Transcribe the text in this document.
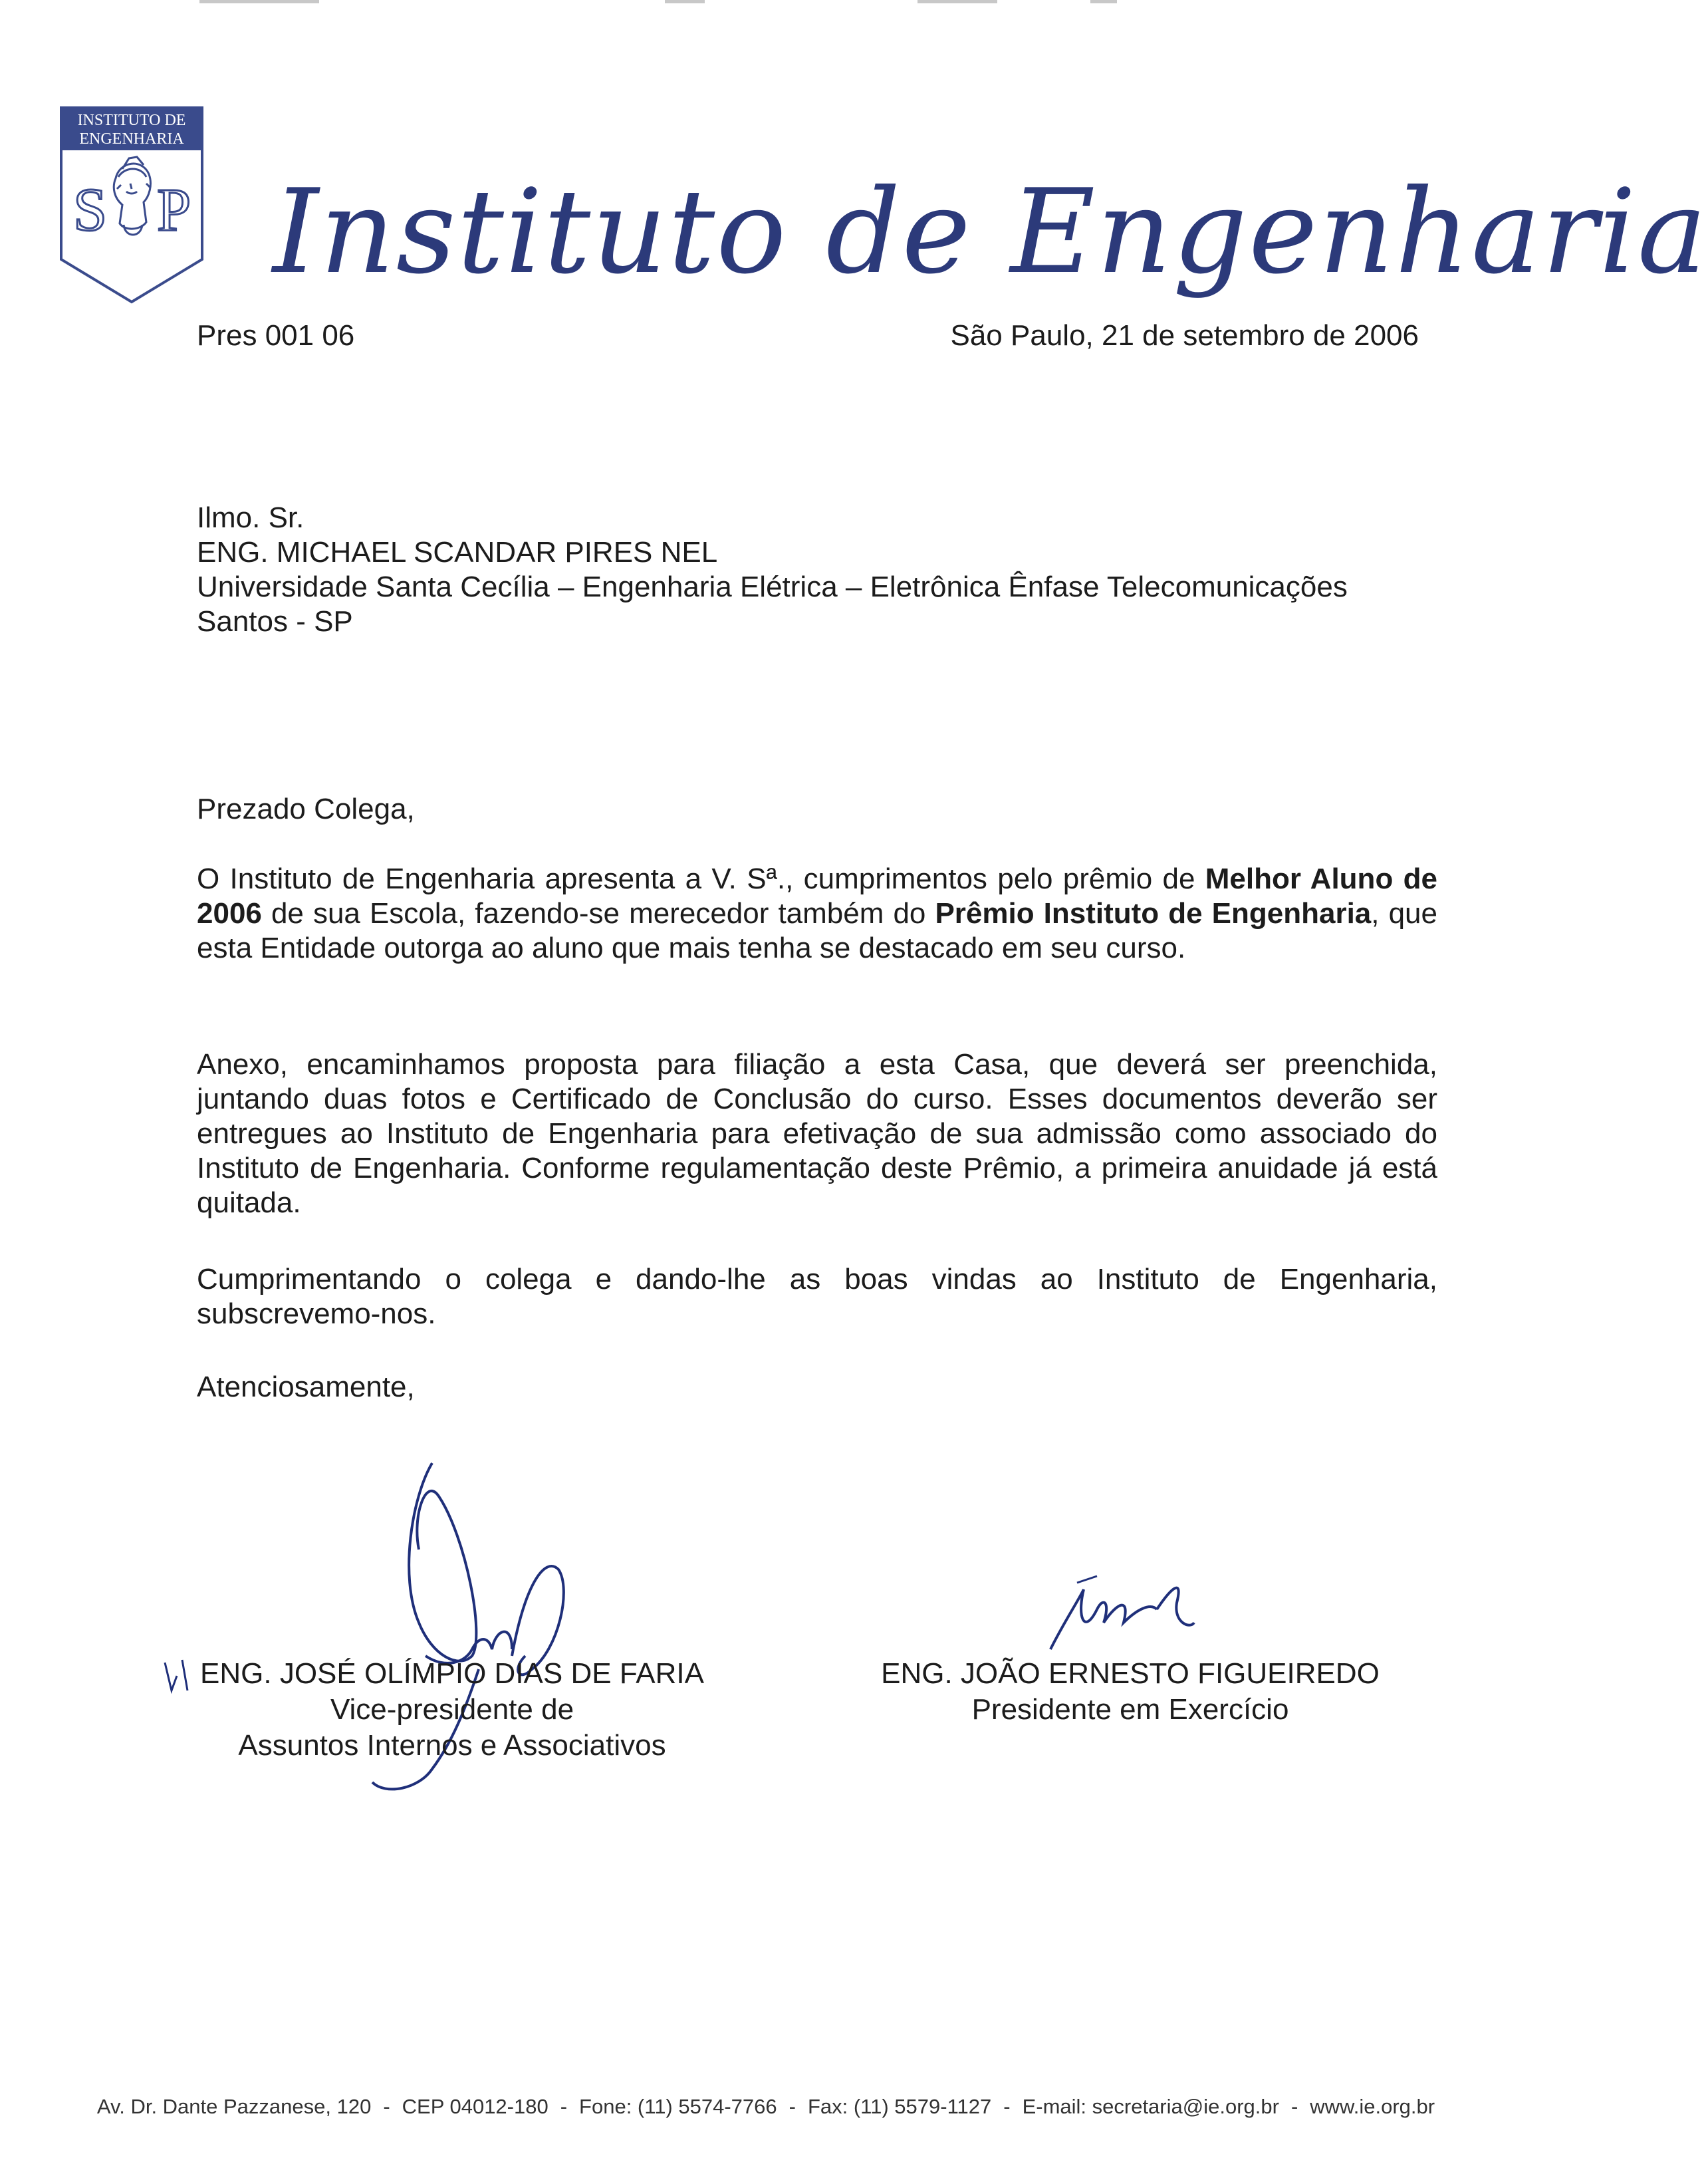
INSTITUTO DE
ENGENHARIA
S P Instituto de Engenharia
Pres 001 06	São Paulo, 21 de setembro de 2006
Ilmo. Sr.
ENG. MICHAEL SCANDAR PIRES NEL
Universidade Santa Cecília – Engenharia Elétrica – Eletrônica Ênfase Telecomunicações
Santos - SP
Prezado Colega,
O Instituto de Engenharia apresenta a V. Sª., cumprimentos pelo prêmio de Melhor Aluno de 2006 de sua Escola, fazendo-se merecedor também do Prêmio Instituto de Engenharia, que esta Entidade outorga ao aluno que mais tenha se destacado em seu curso.
Anexo, encaminhamos proposta para filiação a esta Casa, que deverá ser preenchida, juntando duas fotos e Certificado de Conclusão do curso. Esses documentos deverão ser entregues ao Instituto de Engenharia para efetivação de sua admissão como associado do Instituto de Engenharia. Conforme regulamentação deste Prêmio, a primeira anuidade já está quitada.
Cumprimentando o colega e dando-lhe as boas vindas ao Instituto de Engenharia, subscrevemo-nos.
Atenciosamente,
ENG. JOSÉ OLÍMPIO DIAS DE FARIA
Vice-presidente de
Assuntos Internos e Associativos
ENG. JOÃO ERNESTO FIGUEIREDO
Presidente em Exercício
Av. Dr. Dante Pazzanese, 120 - CEP 04012-180 - Fone: (11) 5574-7766 - Fax: (11) 5579-1127 - E-mail: secretaria@ie.org.br - www.ie.org.br
